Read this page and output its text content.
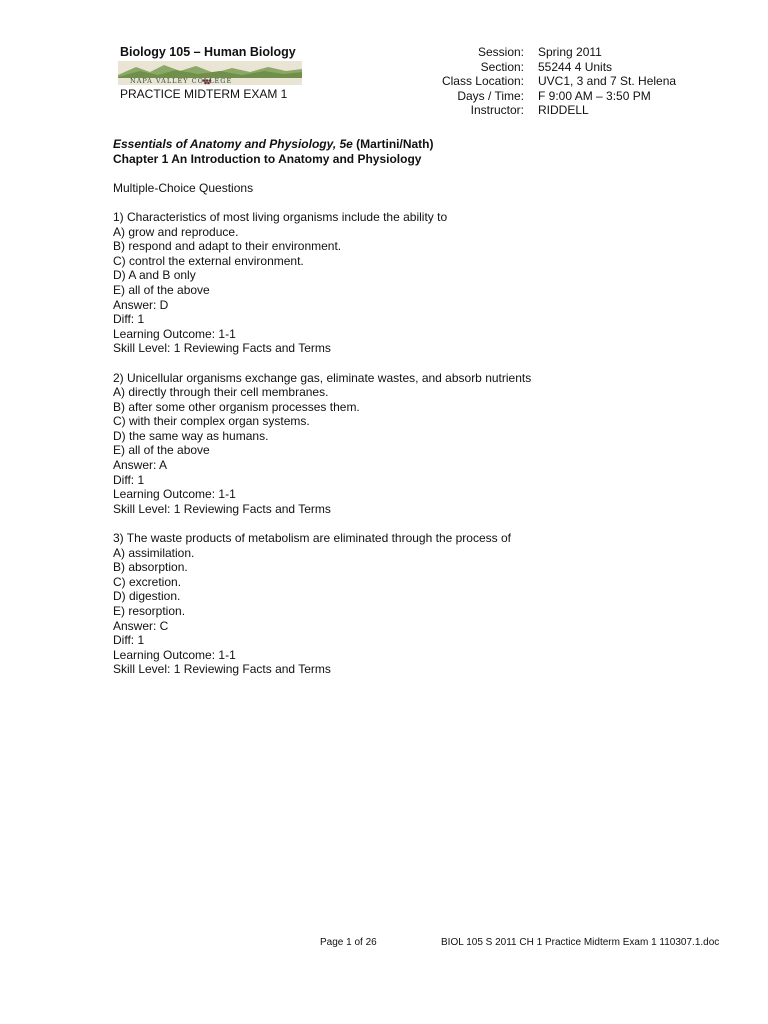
Biology 105 – Human Biology
NAPA VALLEY COLLEGE
PRACTICE MIDTERM EXAM 1
Session:	Spring 2011
Section:	55244 4 Units
Class Location:	UVC1, 3 and 7 St. Helena
Days / Time:	F 9:00 AM – 3:50 PM
Instructor:	RIDDELL
Essentials of Anatomy and Physiology, 5e (Martini/Nath)
Chapter 1 An Introduction to Anatomy and Physiology
Multiple-Choice Questions
1) Characteristics of most living organisms include the ability to
A) grow and reproduce.
B) respond and adapt to their environment.
C) control the external environment.
D) A and B only
E) all of the above
Answer: D
Diff: 1
Learning Outcome: 1-1
Skill Level: 1 Reviewing Facts and Terms
2) Unicellular organisms exchange gas, eliminate wastes, and absorb nutrients
A) directly through their cell membranes.
B) after some other organism processes them.
C) with their complex organ systems.
D) the same way as humans.
E) all of the above
Answer: A
Diff: 1
Learning Outcome: 1-1
Skill Level: 1 Reviewing Facts and Terms
3) The waste products of metabolism are eliminated through the process of
A) assimilation.
B) absorption.
C) excretion.
D) digestion.
E) resorption.
Answer: C
Diff: 1
Learning Outcome: 1-1
Skill Level: 1 Reviewing Facts and Terms
Page 1 of 26	BIOL 105 S 2011 CH 1 Practice Midterm Exam 1 110307.1.doc
